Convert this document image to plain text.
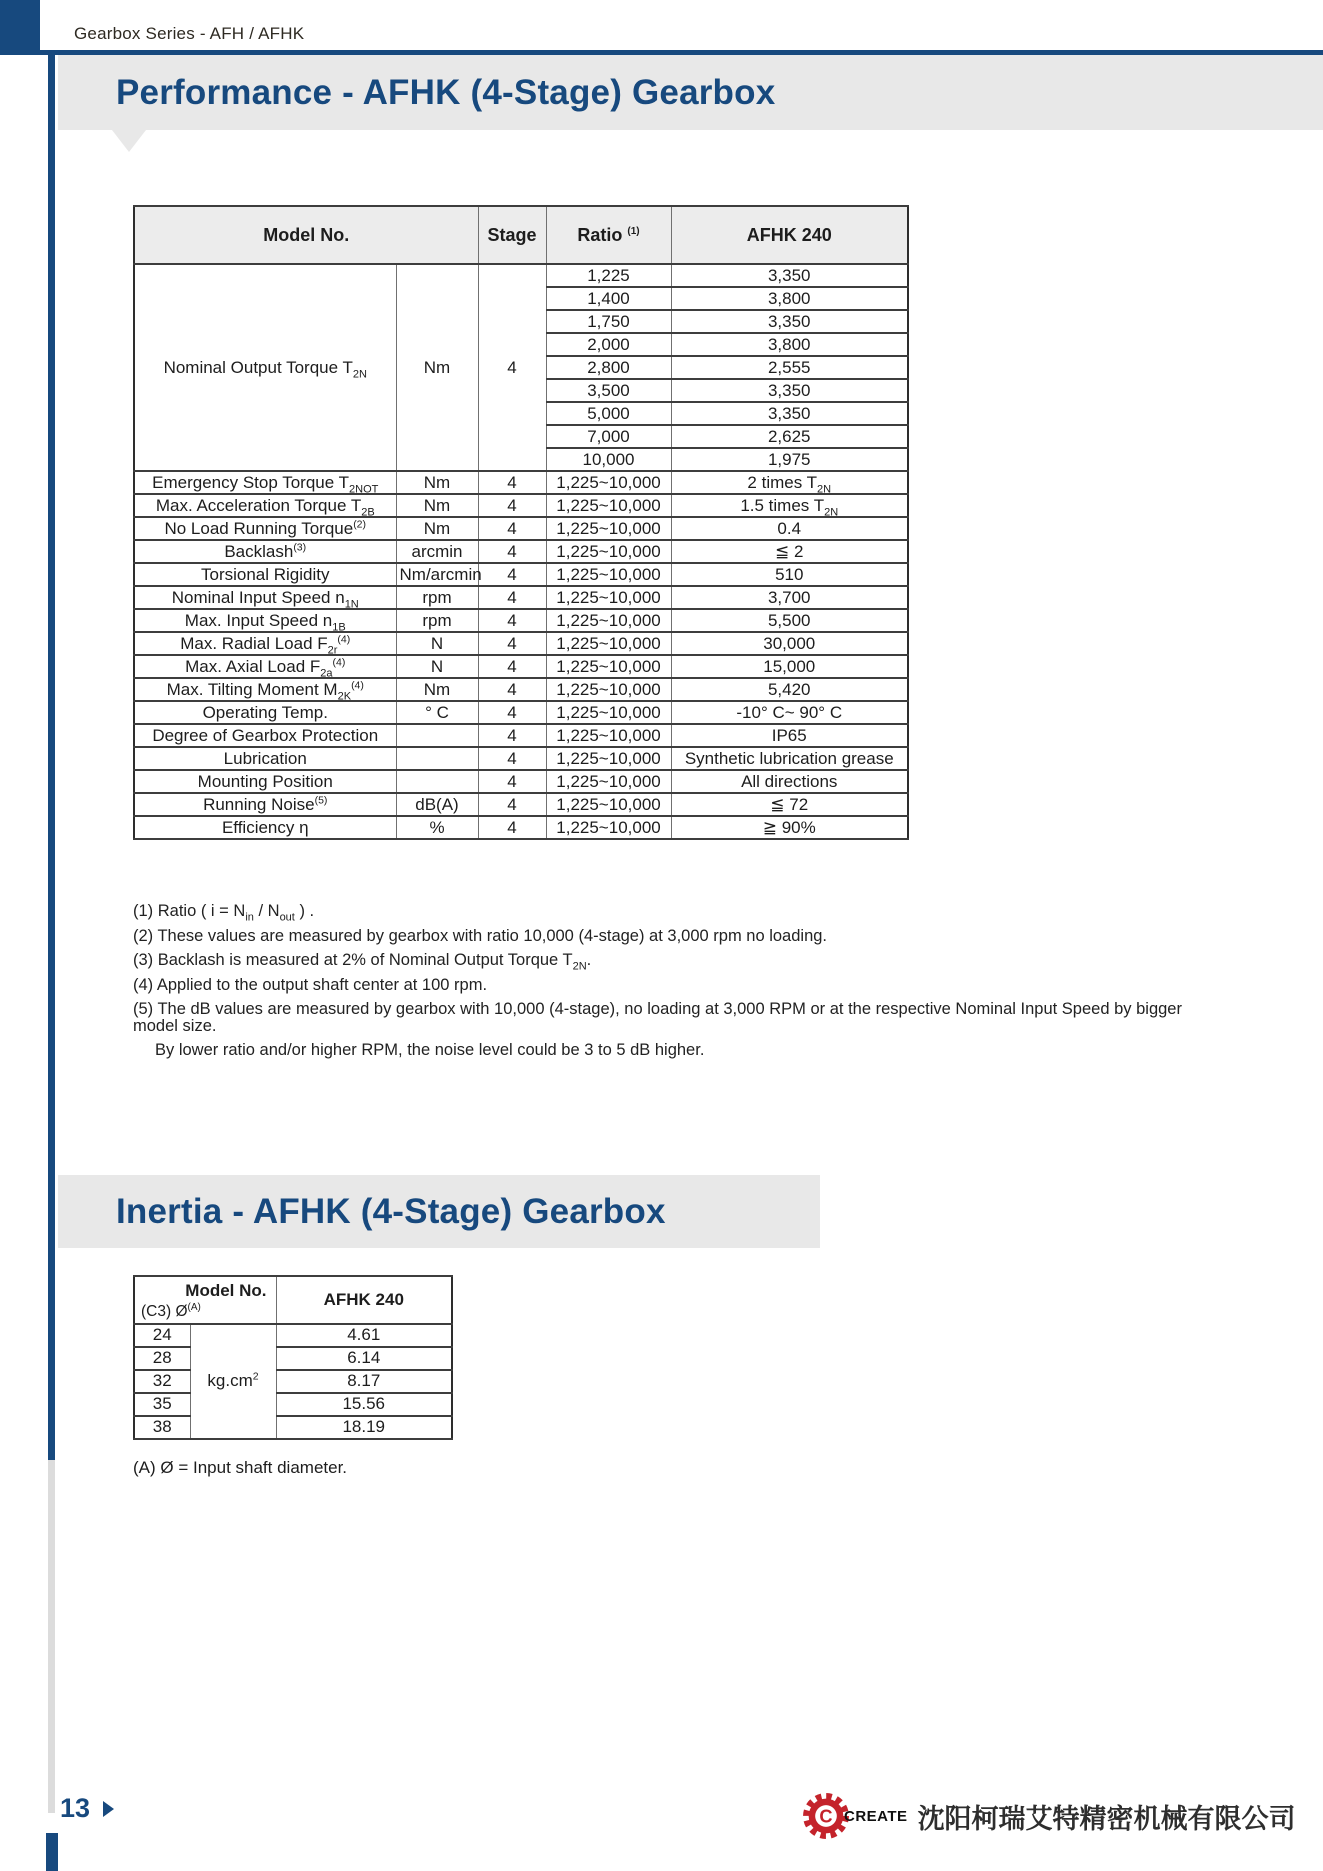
Gearbox Series - AFH / AFHK
Performance - AFHK (4-Stage) Gearbox
Model No.		Stage	Ratio $^{(1)}$	AFHK 240
Nominal Output Torque $T_{2N}$	Nm	4	1,225	3,350
			1,400	3,800
			1,750	3,350
			2,000	3,800
			2,800	2,555
			3,500	3,350
			5,000	3,350
			7,000	2,625
			10,000	1,975
Emergency Stop Torque $T_{2NOT}$	Nm	4	1,225~10,000	2 times $T_{2N}$
Max. Acceleration Torque $T_{2B}$	Nm	4	1,225~10,000	1.5 times $T_{2N}$
No Load Running Torque$^{(2)}$	Nm	4	1,225~10,000	0.4
Backlash$^{(3)}$	arcmin	4	1,225~10,000	≦ 2
Torsional Rigidity	Nm/arcmin	4	1,225~10,000	510
Nominal Input Speed $n_{1N}$	rpm	4	1,225~10,000	3,700
Max. Input Speed $n_{1B}$	rpm	4	1,225~10,000	5,500
Max. Radial Load $F_{2r}^{(4)}$	N	4	1,225~10,000	30,000
Max. Axial Load $F_{2a}^{(4)}$	N	4	1,225~10,000	15,000
Max. Tilting Moment $M_{2K}^{(4)}$	Nm	4	1,225~10,000	5,420
Operating Temp.	° C	4	1,225~10,000	-10° C~ 90° C
Degree of Gearbox Protection		4	1,225~10,000	IP65
Lubrication		4	1,225~10,000	Synthetic lubrication grease
Mounting Position		4	1,225~10,000	All directions
Running Noise$^{(5)}$	dB(A)	4	1,225~10,000	≦ 72
Efficiency η	%	4	1,225~10,000	≧ 90%

(1) Ratio ( $i = N_{in} / N_{out}$ ) .

(2) These values are measured by gearbox with ratio 10,000 (4-stage) at 3,000 rpm no loading.

(3) Backlash is measured at 2% of Nominal Output Torque $T_{2N}$.

(4) Applied to the output shaft center at 100 rpm.

(5) The dB values are measured by gearbox with 10,000 (4-stage), no loading at 3,000 RPM or at the respective Nominal Input Speed by bigger model size.

By lower ratio and/or higher RPM, the noise level could be 3 to 5 dB higher.

Inertia - AFHK (4-Stage) Gearbox
Model No.
(C3) $Ø^{(A)}$		AFHK 240
24	$kg.cm^2$	4.61
28		6.14
32		8.17
35		15.56
38		18.19

(A) Ø = Input shaft diameter.

13	C CREATE 沈阳柯瑞艾特精密机械有限公司
